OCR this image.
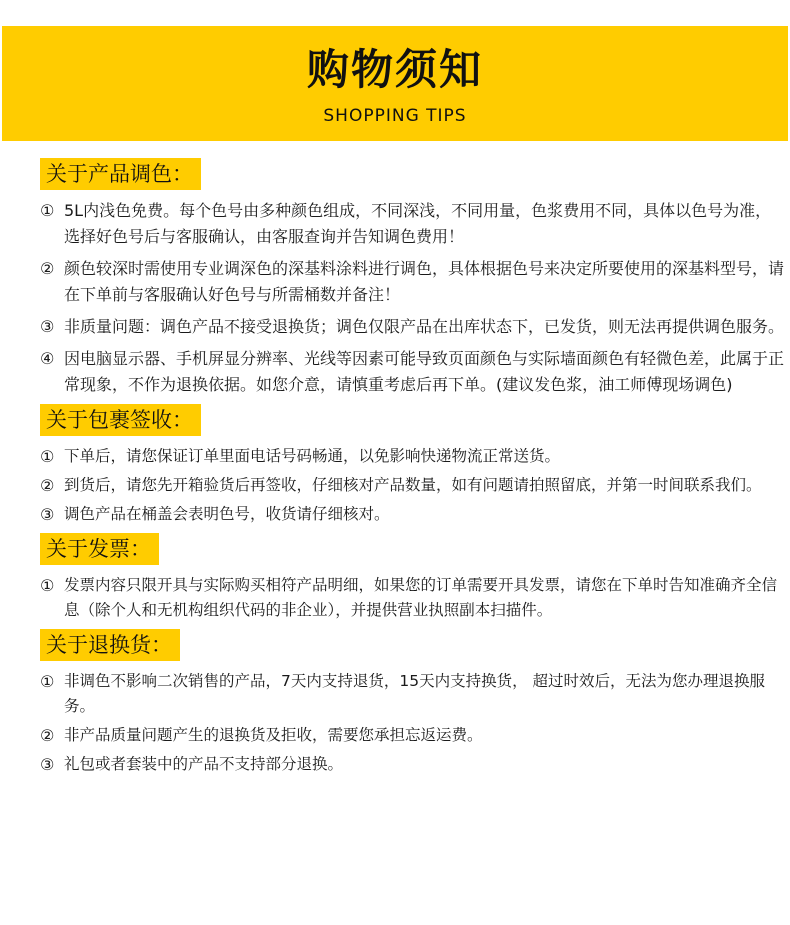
购物须知
SHOPPING TIPS
关于产品调色：
① 5L内浅色免费。每个色号由多种颜色组成，不同深浅，不同用量，色浆费用不同，具体以色号为准，选择好色号后与客服确认，由客服查询并告知调色费用！
② 颜色较深时需使用专业调深色的深基料涂料进行调色，具体根据色号来决定所要使用的深基料型号，请在下单前与客服确认好色号与所需桶数并备注！
③ 非质量问题：调色产品不接受退换货；调色仅限产品在出库状态下，已发货，则无法再提供调色服务。
④ 因电脑显示器、手机屏显分辨率、光线等因素可能导致页面颜色与实际墙面颜色有轻微色差，此属于正常现象，不作为退换依据。如您介意，请慎重考虑后再下单。(建议发色浆，油工师傅现场调色)
关于包裹签收：
① 下单后，请您保证订单里面电话号码畅通，以免影响快递物流正常送货。
② 到货后，请您先开箱验货后再签收，仔细核对产品数量，如有问题请拍照留底，并第一时间联系我们。
③ 调色产品在桶盖会表明色号，收货请仔细核对。
关于发票：
① 发票内容只限开具与实际购买相符产品明细，如果您的订单需要开具发票，请您在下单时告知准确齐全信息（除个人和无机构组织代码的非企业），并提供营业执照副本扫描件。
关于退换货：
① 非调色不影响二次销售的产品，7天内支持退货，15天内支持换货， 超过时效后，无法为您办理退换服务。
② 非产品质量问题产生的退换货及拒收，需要您承担忘返运费。
③ 礼包或者套装中的产品不支持部分退换。
